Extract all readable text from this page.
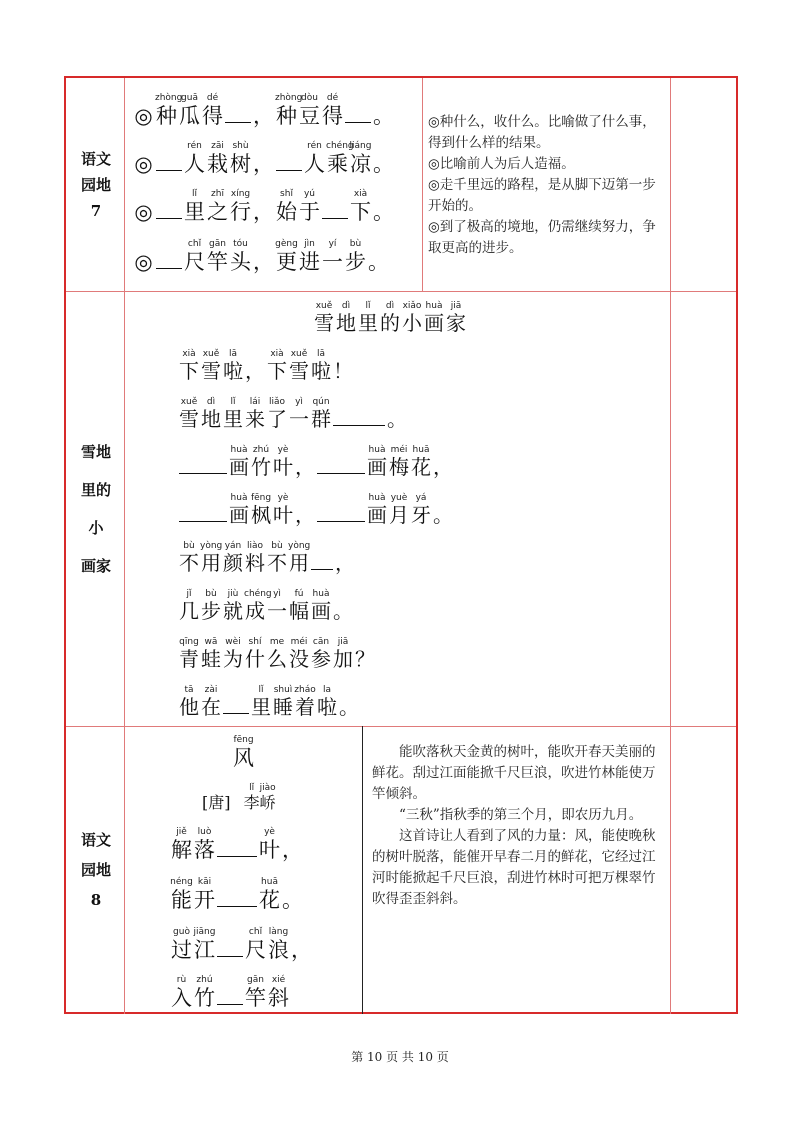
语文
园地
7
雪地
里的
小
画家
语文
园地
8
◎
zhòng
种
guā
瓜
dé
得 ，
zhòng
种
dòu
豆
dé
得 。
◎
rén
人
zāi
栽
shù
树 ，
rén
人
chéng
乘
liáng
凉 。
◎
lǐ
里
zhī
之
xíng
行 ，
shǐ
始
yú
于
xià
下 。
◎
chǐ
尺
gān
竿
tóu
头 ，
gèng
更
jìn
进
yí
一
bù
步 。

◎种什么，收什么。比喻做了什么事，得到什么样的结果。

◎比喻前人为后人造福。

◎走千里远的路程，是从脚下迈第一步开始的。

◎到了极高的境地，仍需继续努力，争取更高的进步。

xuě
雪
dì
地
lǐ
里
dì
的
xiǎo
小
huà
画
jiā
家
xià
下
xuě
雪
lā
啦 ，
xià
下
xuě
雪
lā
啦 ！
xuě
雪
dì
地
lǐ
里
lái
来
liǎo
了
yì
一
qún
群	。
huà
画
zhú
竹
yè
叶 ，
huà
画
méi
梅
huā
花 ，
huà
画
fēng
枫
yè
叶 ，
huà
画
yuè
月
yá
牙 。
bù
不
yòng
用
yán
颜
liào
料
bù
不
yòng
用 ，
jǐ
几
bù
步
jiù
就
chéng
成
yì
一
fú
幅
huà
画 。
qīng
青
wā
蛙
wèi
为
shí
什
me
么
méi
没
cān
参
jiā
加 ？
tā
他
zài
在
lǐ
里
shuì
睡
zháo
着
la
啦 。
fēng
风
[唐]
lǐ
李
jiào
峤
jiě
解
luò
落
yè
叶 ，
néng
能
kāi
开
huā
花 。
guò
过
jiāng
江
chǐ
尺
làng
浪 ，
rù
入
zhú
竹
gān
竿
xié
斜

能吹落秋天金黄的树叶，能吹开春天美丽的鲜花。刮过江面能掀千尺巨浪，吹进竹林能使万竿倾斜。

“三秋”指秋季的第三个月，即农历九月。

这首诗让人看到了风的力量：风，能使晚秋的树叶脱落，能催开早春二月的鲜花，它经过江河时能掀起千尺巨浪，刮进竹林时可把万棵翠竹吹得歪歪斜斜。

第 10 页 共 10 页
